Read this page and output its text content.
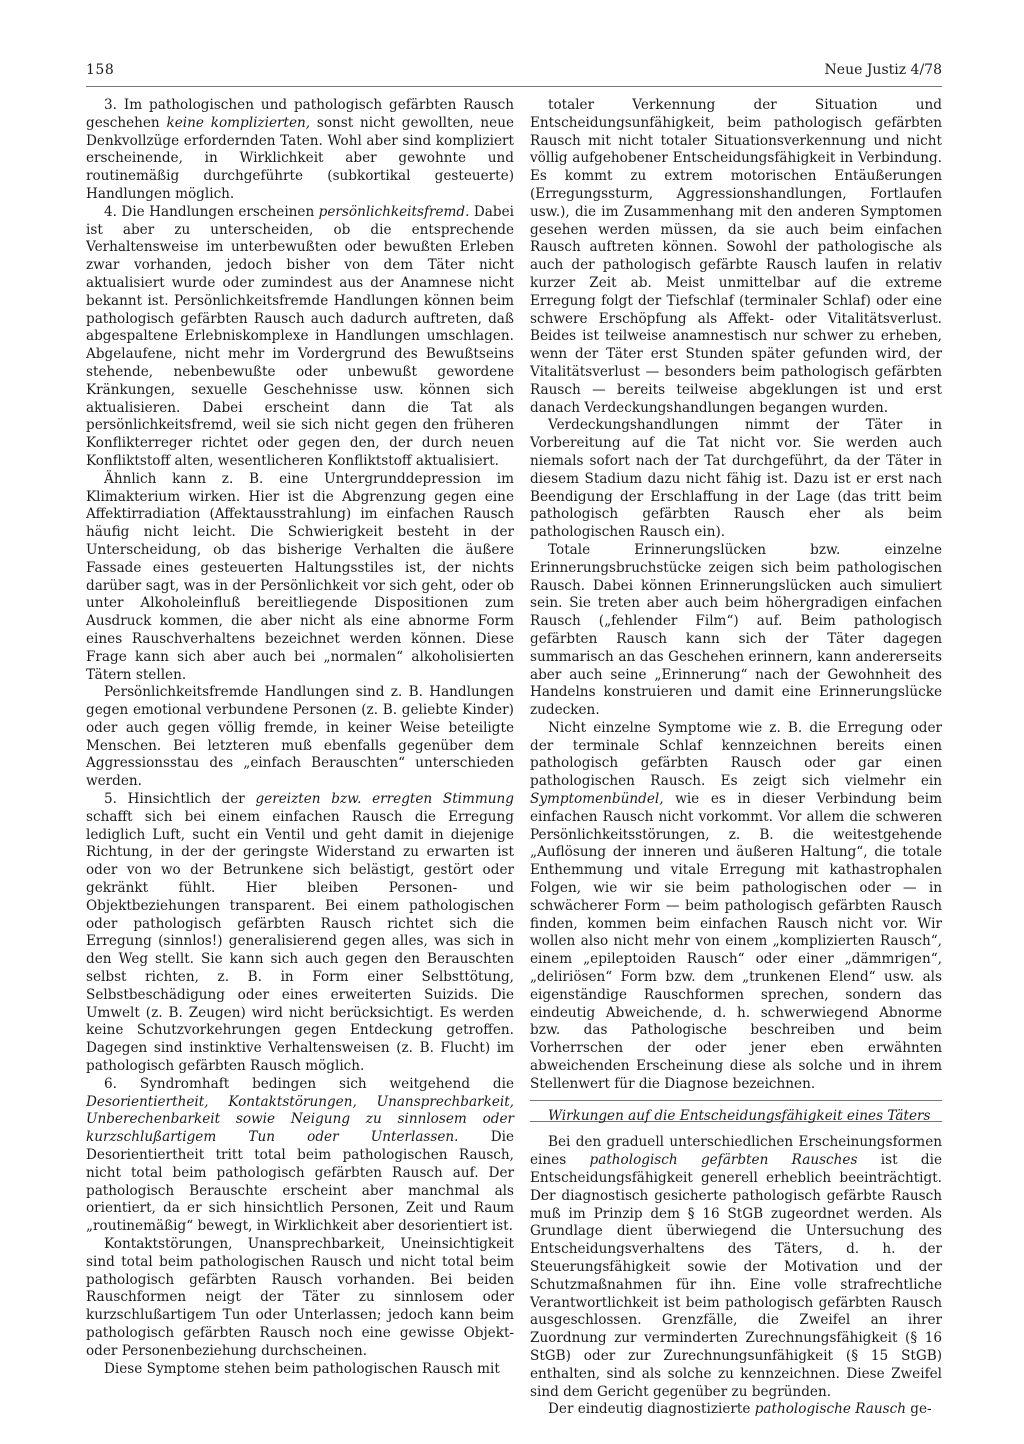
158	Neue Justiz 4/78

3. Im pathologischen und pathologisch gefärbten Rausch geschehen keine komplizierten, sonst nicht gewollten, neue Denkvollzüge erfordernden Taten. Wohl aber sind kompliziert erscheinende, in Wirklichkeit aber gewohnte und routinemäßig durchgeführte (subkortikal gesteuerte) Handlungen möglich.

4. Die Handlungen erscheinen persönlichkeitsfremd. Dabei ist aber zu unterscheiden, ob die entsprechende Verhaltensweise im unterbewußten oder bewußten Erleben zwar vorhanden, jedoch bisher von dem Täter nicht aktualisiert wurde oder zumindest aus der Anamnese nicht bekannt ist. Persönlichkeitsfremde Handlungen können beim pathologisch gefärbten Rausch auch dadurch auftreten, daß abgespaltene Erlebniskomplexe in Handlungen umschlagen. Abgelaufene, nicht mehr im Vordergrund des Bewußtseins stehende, nebenbewußte oder unbewußt gewordene Kränkungen, sexuelle Geschehnisse usw. können sich aktualisieren. Dabei erscheint dann die Tat als persönlichkeitsfremd, weil sie sich nicht gegen den früheren Konflikterreger richtet oder gegen den, der durch neuen Konfliktstoff alten, wesentlicheren Konfliktstoff aktualisiert.

Ähnlich kann z. B. eine Untergrunddepression im Klimakterium wirken. Hier ist die Abgrenzung gegen eine Affektirradiation (Affektausstrahlung) im einfachen Rausch häufig nicht leicht. Die Schwierigkeit besteht in der Unterscheidung, ob das bisherige Verhalten die äußere Fassade eines gesteuerten Haltungsstiles ist, der nichts darüber sagt, was in der Persönlichkeit vor sich geht, oder ob unter Alkoholeinfluß bereitliegende Dispositionen zum Ausdruck kommen, die aber nicht als eine abnorme Form eines Rauschverhaltens bezeichnet werden können. Diese Frage kann sich aber auch bei „normalen“ alkoholisierten Tätern stellen.

Persönlichkeitsfremde Handlungen sind z. B. Handlungen gegen emotional verbundene Personen (z. B. geliebte Kinder) oder auch gegen völlig fremde, in keiner Weise beteiligte Menschen. Bei letzteren muß ebenfalls gegenüber dem Aggressionsstau des „einfach Berauschten“ unterschieden werden.

5. Hinsichtlich der gereizten bzw. erregten Stimmung schafft sich bei einem einfachen Rausch die Erregung lediglich Luft, sucht ein Ventil und geht damit in diejenige Richtung, in der der geringste Widerstand zu erwarten ist oder von wo der Betrunkene sich belästigt, gestört oder gekränkt fühlt. Hier bleiben Personen- und Objektbeziehungen transparent. Bei einem pathologischen oder pathologisch gefärbten Rausch richtet sich die Erregung (sinnlos!) generalisierend gegen alles, was sich in den Weg stellt. Sie kann sich auch gegen den Berauschten selbst richten, z. B. in Form einer Selbsttötung, Selbstbeschädigung oder eines erweiterten Suizids. Die Umwelt (z. B. Zeugen) wird nicht berücksichtigt. Es werden keine Schutzvorkehrungen gegen Entdeckung getroffen. Dagegen sind instinktive Verhaltensweisen (z. B. Flucht) im pathologisch gefärbten Rausch möglich.

6. Syndromhaft bedingen sich weitgehend die Desorientiertheit, Kontaktstörungen, Unansprechbarkeit, Unberechenbarkeit sowie Neigung zu sinnlosem oder kurzschlußartigem Tun oder Unterlassen. Die Desorientiertheit tritt total beim pathologischen Rausch, nicht total beim pathologisch gefärbten Rausch auf. Der pathologisch Berauschte erscheint aber manchmal als orientiert, da er sich hinsichtlich Personen, Zeit und Raum „routinemäßig“ bewegt, in Wirklichkeit aber desorientiert ist.

Kontaktstörungen, Unansprechbarkeit, Uneinsichtigkeit sind total beim pathologischen Rausch und nicht total beim pathologisch gefärbten Rausch vorhanden. Bei beiden Rauschformen neigt der Täter zu sinnlosem oder kurzschlußartigem Tun oder Unterlassen; jedoch kann beim pathologisch gefärbten Rausch noch eine gewisse Objekt- oder Personenbeziehung durchscheinen.

Diese Symptome stehen beim pathologischen Rausch mit

totaler Verkennung der Situation und Entscheidungsunfähigkeit, beim pathologisch gefärbten Rausch mit nicht totaler Situationsverkennung und nicht völlig aufgehobener Entscheidungsfähigkeit in Verbindung. Es kommt zu extrem motorischen Entäußerungen (Erregungssturm, Aggressionshandlungen, Fortlaufen usw.), die im Zusammenhang mit den anderen Symptomen gesehen werden müssen, da sie auch beim einfachen Rausch auftreten können. Sowohl der pathologische als auch der pathologisch gefärbte Rausch laufen in relativ kurzer Zeit ab. Meist unmittelbar auf die extreme Erregung folgt der Tiefschlaf (terminaler Schlaf) oder eine schwere Erschöpfung als Affekt- oder Vitalitätsverlust. Beides ist teilweise anamnestisch nur schwer zu erheben, wenn der Täter erst Stunden später gefunden wird, der Vitalitätsverlust — besonders beim pathologisch gefärbten Rausch — bereits teilweise abgeklungen ist und erst danach Verdeckungshandlungen begangen wurden.

Verdeckungshandlungen nimmt der Täter in Vorbereitung auf die Tat nicht vor. Sie werden auch niemals sofort nach der Tat durchgeführt, da der Täter in diesem Stadium dazu nicht fähig ist. Dazu ist er erst nach Beendigung der Erschlaffung in der Lage (das tritt beim pathologisch gefärbten Rausch eher als beim pathologischen Rausch ein).

Totale Erinnerungslücken bzw. einzelne Erinnerungsbruchstücke zeigen sich beim pathologischen Rausch. Dabei können Erinnerungslücken auch simuliert sein. Sie treten aber auch beim höhergradigen einfachen Rausch („fehlender Film“) auf. Beim pathologisch gefärbten Rausch kann sich der Täter dagegen summarisch an das Geschehen erinnern, kann andererseits aber auch seine „Erinnerung“ nach der Gewohnheit des Handelns konstruieren und damit eine Erinnerungslücke zudecken.

Nicht einzelne Symptome wie z. B. die Erregung oder der terminale Schlaf kennzeichnen bereits einen pathologisch gefärbten Rausch oder gar einen pathologischen Rausch. Es zeigt sich vielmehr ein Symptomenbündel, wie es in dieser Verbindung beim einfachen Rausch nicht vorkommt. Vor allem die schweren Persönlichkeitsstörungen, z. B. die weitestgehende „Auflösung der inneren und äußeren Haltung“, die totale Enthemmung und vitale Erregung mit kathastrophalen Folgen, wie wir sie beim pathologischen oder — in schwächerer Form — beim pathologisch gefärbten Rausch finden, kommen beim einfachen Rausch nicht vor. Wir wollen also nicht mehr von einem „komplizierten Rausch“, einem „epileptoiden Rausch“ oder einer „dämmrigen“, „deliriösen“ Form bzw. dem „trunkenen Elend“ usw. als eigenständige Rauschformen sprechen, sondern das eindeutig Abweichende, d. h. schwerwiegend Abnorme bzw. das Pathologische beschreiben und beim Vorherrschen der oder jener eben erwähnten abweichenden Erscheinung diese als solche und in ihrem Stellenwert für die Diagnose bezeichnen.

Wirkungen auf die Entscheidungsfähigkeit eines Täters

Bei den graduell unterschiedlichen Erscheinungsformen eines pathologisch gefärbten Rausches ist die Entscheidungsfähigkeit generell erheblich beeinträchtigt. Der diagnostisch gesicherte pathologisch gefärbte Rausch muß im Prinzip dem § 16 StGB zugeordnet werden. Als Grundlage dient überwiegend die Untersuchung des Entscheidungsverhaltens des Täters, d. h. der Steuerungsfähigkeit sowie der Motivation und der Schutzmaßnahmen für ihn. Eine volle strafrechtliche Verantwortlichkeit ist beim pathologisch gefärbten Rausch ausgeschlossen. Grenzfälle, die Zweifel an ihrer Zuordnung zur verminderten Zurechnungsfähigkeit (§ 16 StGB) oder zur Zurechnungsunfähigkeit (§ 15 StGB) enthalten, sind als solche zu kennzeichnen. Diese Zweifel sind dem Gericht gegenüber zu begründen.

Der eindeutig diagnostizierte pathologische Rausch ge-
